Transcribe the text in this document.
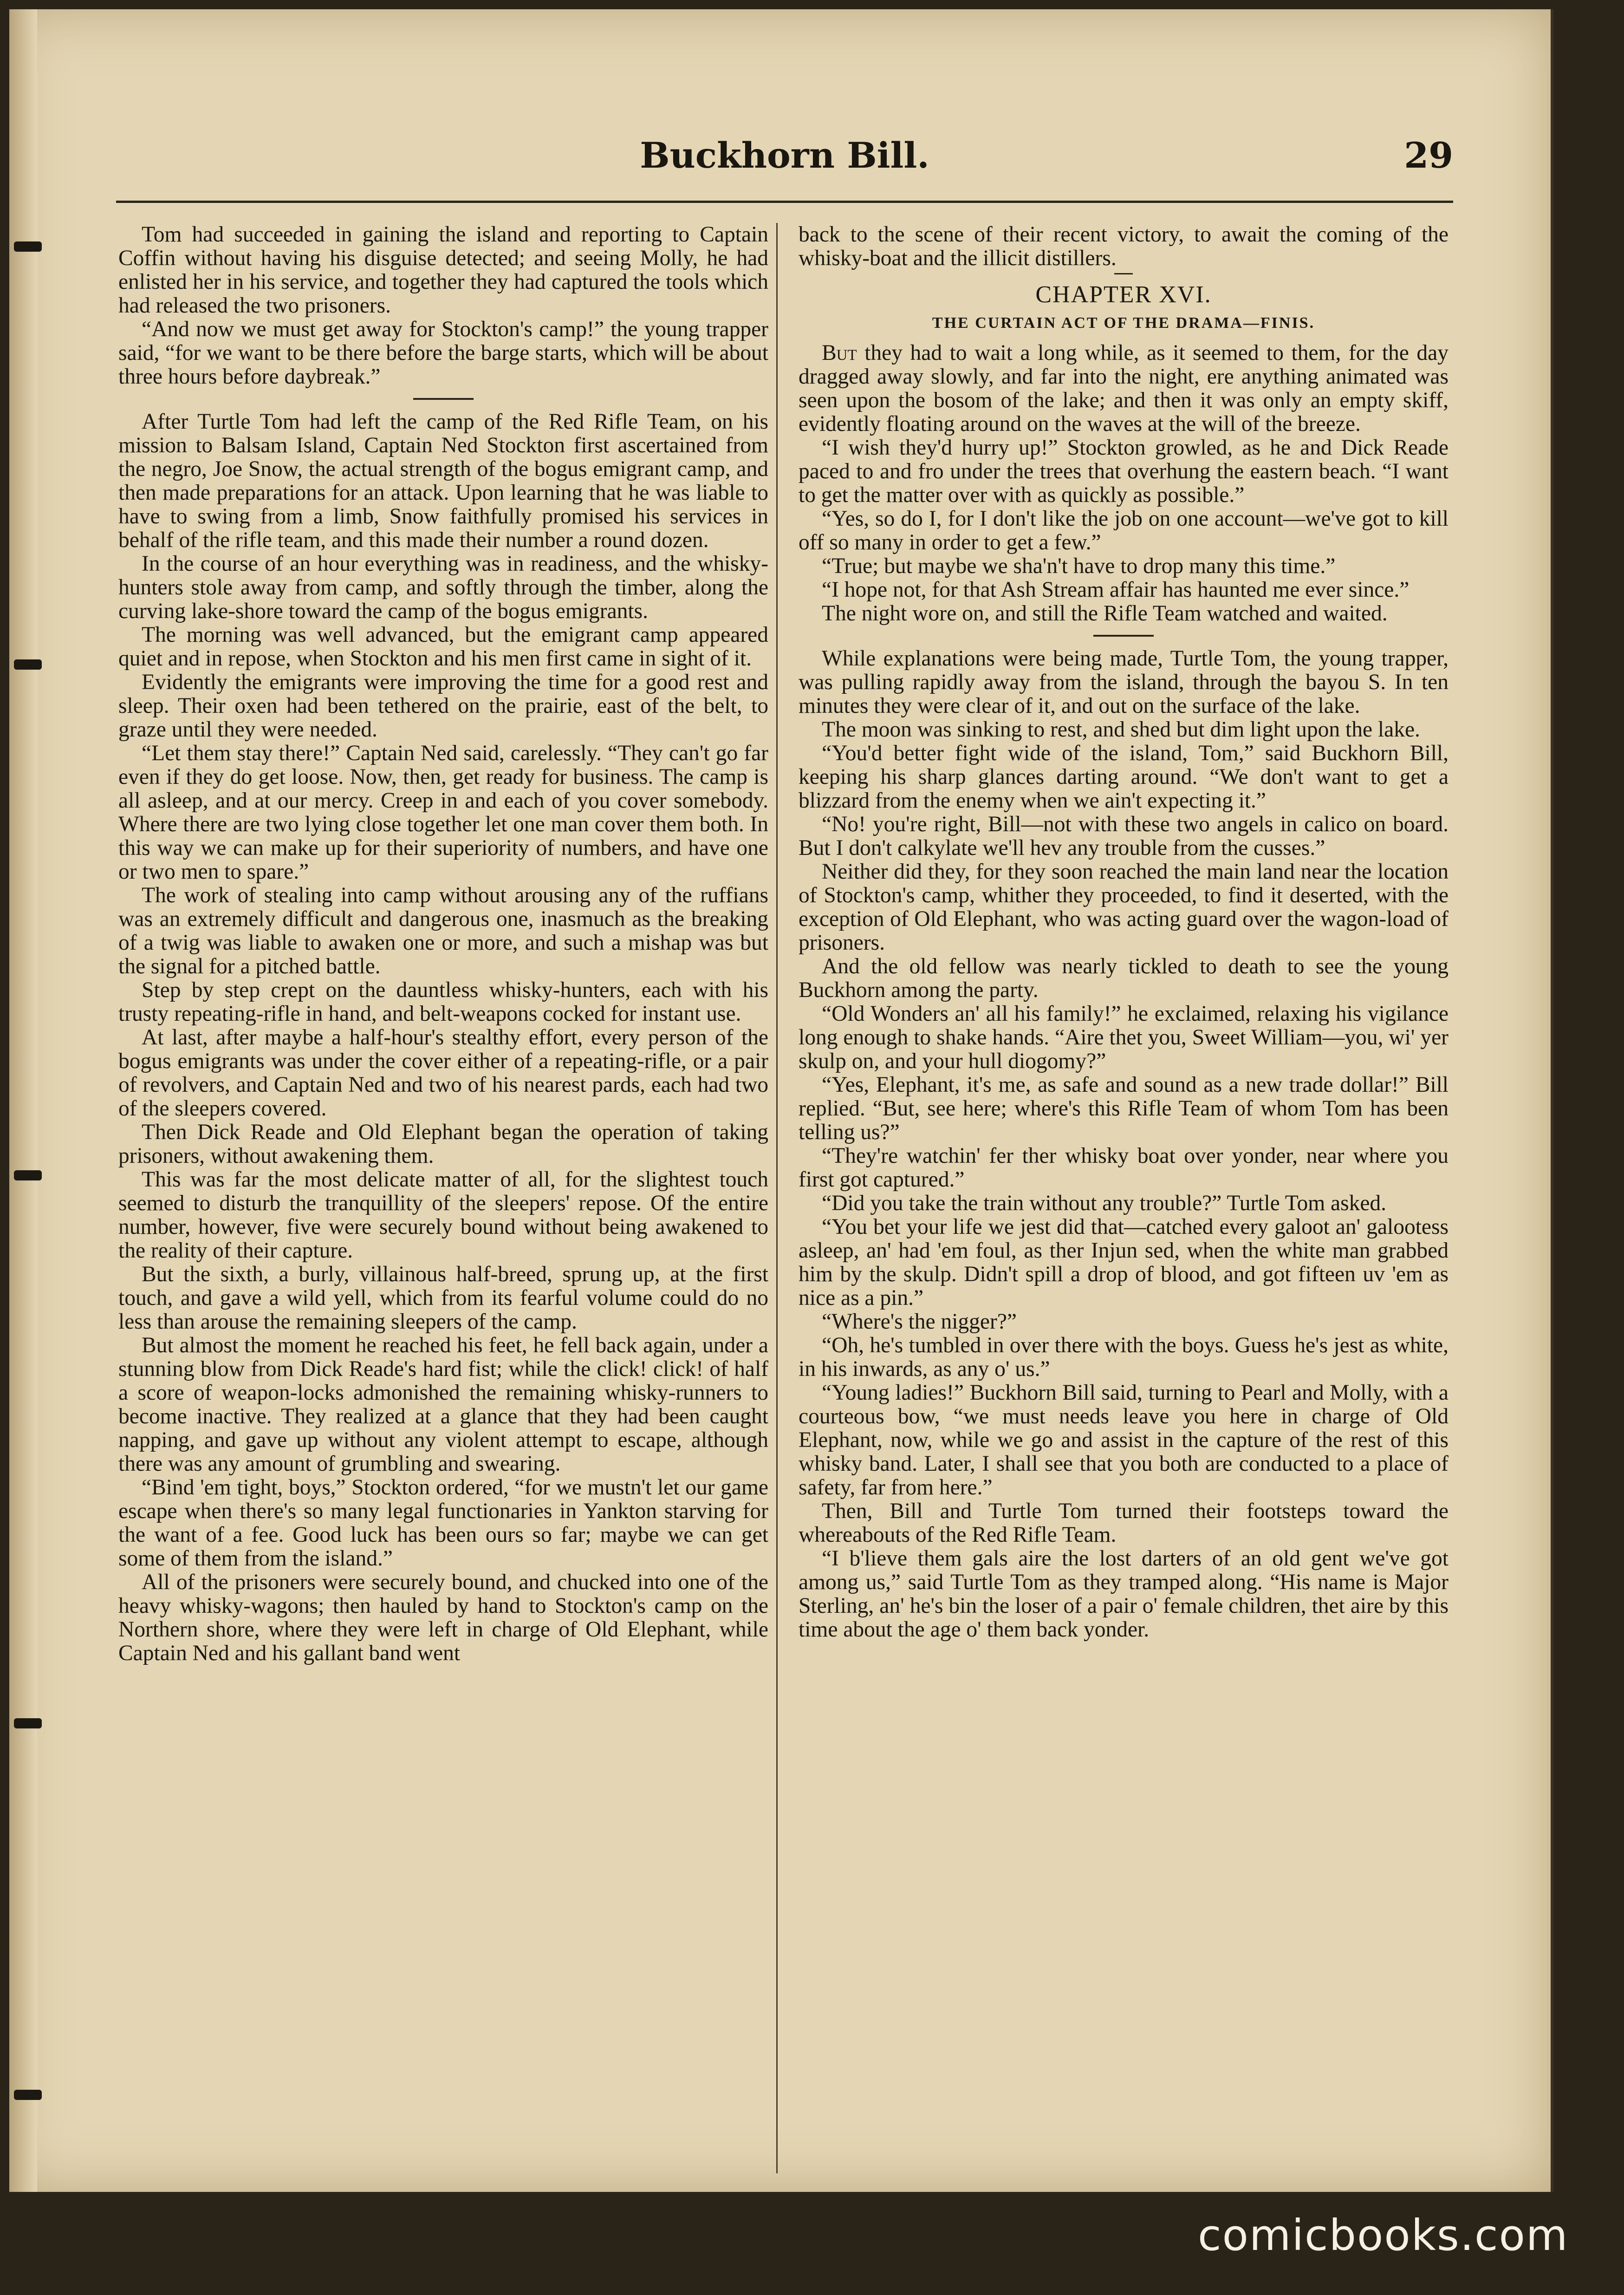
Buckhorn Bill.	29

Tom had succeeded in gaining the island and reporting to Captain Coffin without having his disguise detected; and seeing Molly, he had enlisted her in his service, and together they had captured the tools which had released the two prisoners.

“And now we must get away for Stockton's camp!” the young trapper said, “for we want to be there before the barge starts, which will be about three hours before daybreak.”

After Turtle Tom had left the camp of the Red Rifle Team, on his mission to Balsam Island, Captain Ned Stockton first ascertained from the negro, Joe Snow, the actual strength of the bogus emigrant camp, and then made preparations for an attack. Upon learning that he was liable to have to swing from a limb, Snow faithfully promised his services in behalf of the rifle team, and this made their number a round dozen.

In the course of an hour everything was in readiness, and the whisky-hunters stole away from camp, and softly through the timber, along the curving lake-shore toward the camp of the bogus emigrants.

The morning was well advanced, but the emigrant camp appeared quiet and in repose, when Stockton and his men first came in sight of it.

Evidently the emigrants were improving the time for a good rest and sleep. Their oxen had been tethered on the prairie, east of the belt, to graze until they were needed.

“Let them stay there!” Captain Ned said, carelessly. “They can't go far even if they do get loose. Now, then, get ready for business. The camp is all asleep, and at our mercy. Creep in and each of you cover somebody. Where there are two lying close together let one man cover them both. In this way we can make up for their superiority of numbers, and have one or two men to spare.”

The work of stealing into camp without arousing any of the ruffians was an extremely difficult and dangerous one, inasmuch as the breaking of a twig was liable to awaken one or more, and such a mishap was but the signal for a pitched battle.

Step by step crept on the dauntless whisky-hunters, each with his trusty repeating-rifle in hand, and belt-weapons cocked for instant use.

At last, after maybe a half-hour's stealthy effort, every person of the bogus emigrants was under the cover either of a repeating-rifle, or a pair of revolvers, and Captain Ned and two of his nearest pards, each had two of the sleepers covered.

Then Dick Reade and Old Elephant began the operation of taking prisoners, without awakening them.

This was far the most delicate matter of all, for the slightest touch seemed to disturb the tranquillity of the sleepers' repose. Of the entire number, however, five were securely bound without being awakened to the reality of their capture.

But the sixth, a burly, villainous half-breed, sprung up, at the first touch, and gave a wild yell, which from its fearful volume could do no less than arouse the remaining sleepers of the camp.

But almost the moment he reached his feet, he fell back again, under a stunning blow from Dick Reade's hard fist; while the click! click! of half a score of weapon-locks admonished the remaining whisky-runners to become inactive. They realized at a glance that they had been caught napping, and gave up without any violent attempt to escape, although there was any amount of grumbling and swearing.

“Bind 'em tight, boys,” Stockton ordered, “for we mustn't let our game escape when there's so many legal functionaries in Yankton starving for the want of a fee. Good luck has been ours so far; maybe we can get some of them from the island.”

All of the prisoners were securely bound, and chucked into one of the heavy whisky-wagons; then hauled by hand to Stockton's camp on the Northern shore, where they were left in charge of Old Elephant, while Captain Ned and his gallant band went

back to the scene of their recent victory, to await the coming of the whisky-boat and the illicit distillers.

CHAPTER XVI.
THE CURTAIN ACT OF THE DRAMA—FINIS.

But they had to wait a long while, as it seemed to them, for the day dragged away slowly, and far into the night, ere anything animated was seen upon the bosom of the lake; and then it was only an empty skiff, evidently floating around on the waves at the will of the breeze.

“I wish they'd hurry up!” Stockton growled, as he and Dick Reade paced to and fro under the trees that overhung the eastern beach. “I want to get the matter over with as quickly as possible.”

“Yes, so do I, for I don't like the job on one account—we've got to kill off so many in order to get a few.”

“True; but maybe we sha'n't have to drop many this time.”

“I hope not, for that Ash Stream affair has haunted me ever since.”

The night wore on, and still the Rifle Team watched and waited.

While explanations were being made, Turtle Tom, the young trapper, was pulling rapidly away from the island, through the bayou S. In ten minutes they were clear of it, and out on the surface of the lake.

The moon was sinking to rest, and shed but dim light upon the lake.

“You'd better fight wide of the island, Tom,” said Buckhorn Bill, keeping his sharp glances darting around. “We don't want to get a blizzard from the enemy when we ain't expecting it.”

“No! you're right, Bill—not with these two angels in calico on board. But I don't calkylate we'll hev any trouble from the cusses.”

Neither did they, for they soon reached the main land near the location of Stockton's camp, whither they proceeded, to find it deserted, with the exception of Old Elephant, who was acting guard over the wagon-load of prisoners.

And the old fellow was nearly tickled to death to see the young Buckhorn among the party.

“Old Wonders an' all his family!” he exclaimed, relaxing his vigilance long enough to shake hands. “Aire thet you, Sweet William—you, wi' yer skulp on, and your hull diogomy?”

“Yes, Elephant, it's me, as safe and sound as a new trade dollar!” Bill replied. “But, see here; where's this Rifle Team of whom Tom has been telling us?”

“They're watchin' fer ther whisky boat over yonder, near where you first got captured.”

“Did you take the train without any trouble?” Turtle Tom asked.

“You bet your life we jest did that—catched every galoot an' galootess asleep, an' had 'em foul, as ther Injun sed, when the white man grabbed him by the skulp. Didn't spill a drop of blood, and got fifteen uv 'em as nice as a pin.”

“Where's the nigger?”

“Oh, he's tumbled in over there with the boys. Guess he's jest as white, in his inwards, as any o' us.”

“Young ladies!” Buckhorn Bill said, turning to Pearl and Molly, with a courteous bow, “we must needs leave you here in charge of Old Elephant, now, while we go and assist in the capture of the rest of this whisky band. Later, I shall see that you both are conducted to a place of safety, far from here.”

Then, Bill and Turtle Tom turned their footsteps toward the whereabouts of the Red Rifle Team.

“I b'lieve them gals aire the lost darters of an old gent we've got among us,” said Turtle Tom as they tramped along. “His name is Major Sterling, an' he's bin the loser of a pair o' female children, thet aire by this time about the age o' them back yonder.

comicbooks.com
